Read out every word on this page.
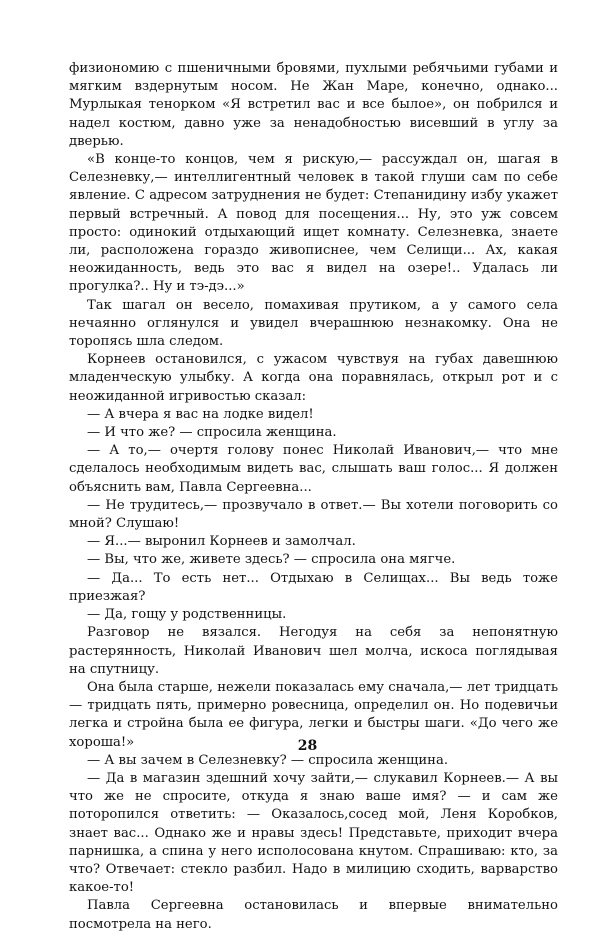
физиономию с пшеничными бровями, пухлыми ребячьими губами и мягким вздернутым носом. Не Жан Маре, конечно, однако... Мурлыкая тенорком «Я встретил вас и все былое», он побрился и надел костюм, давно уже за ненадобностью висевший в углу за дверью.

«В конце-то концов, чем я рискую,— рассуждал он, шагая в Селезневку,— интеллигентный человек в такой глуши сам по себе явление. С адресом затруднения не будет: Степанидину избу укажет первый встречный. А повод для посещения... Ну, это уж совсем просто: одинокий отдыхающий ищет комнату. Селезневка, знаете ли, расположена гораздо живописнее, чем Селищи... Ах, какая неожиданность, ведь это вас я видел на озере!.. Удалась ли прогулка?.. Ну и тэ-дэ...»

Так шагал он весело, помахивая прутиком, а у самого села нечаянно оглянулся и увидел вчерашнюю незнакомку. Она не торопясь шла следом.

Корнеев остановился, с ужасом чувствуя на губах давешнюю младенческую улыбку. А когда она поравнялась, открыл рот и с неожиданной игривостью сказал:

— А вчера я вас на лодке видел!

— И что же? — спросила женщина.

— А то,— очертя голову понес Николай Иванович,— что мне сделалось необходимым видеть вас, слышать ваш голос... Я должен объяснить вам, Павла Сергеевна...

— Не трудитесь,— прозвучало в ответ.— Вы хотели поговорить со мной? Слушаю!

— Я...— выронил Корнеев и замолчал.

— Вы, что же, живете здесь? — спросила она мягче.

— Да... То есть нет... Отдыхаю в Селищах... Вы ведь тоже приезжая?

— Да, гощу у родственницы.

Разговор не вязался. Негодуя на себя за непонятную растерянность, Николай Иванович шел молча, искоса поглядывая на спутницу.

Она была старше, нежели показалась ему сначала,— лет тридцать — тридцать пять, примерно ровесница, определил он. Но подевичьи легка и стройна была ее фигура, легки и быстры шаги. «До чего же хороша!»

— А вы зачем в Селезневку? — спросила женщина.

— Да в магазин здешний хочу зайти,— слукавил Корнеев.— А вы что же не спросите, откуда я знаю ваше имя? — и сам же поторопился ответить: — Оказалось,сосед мой, Леня Коробков, знает вас... Однако же и нравы здесь! Представьте, приходит вчера парнишка, а спина у него исполосована кнутом. Спрашиваю: кто, за что? Отвечает: стекло разбил. Надо в милицию сходить, варварство какое-то!

Павла Сергеевна остановилась и впервые внимательно посмотрела на него.

28
